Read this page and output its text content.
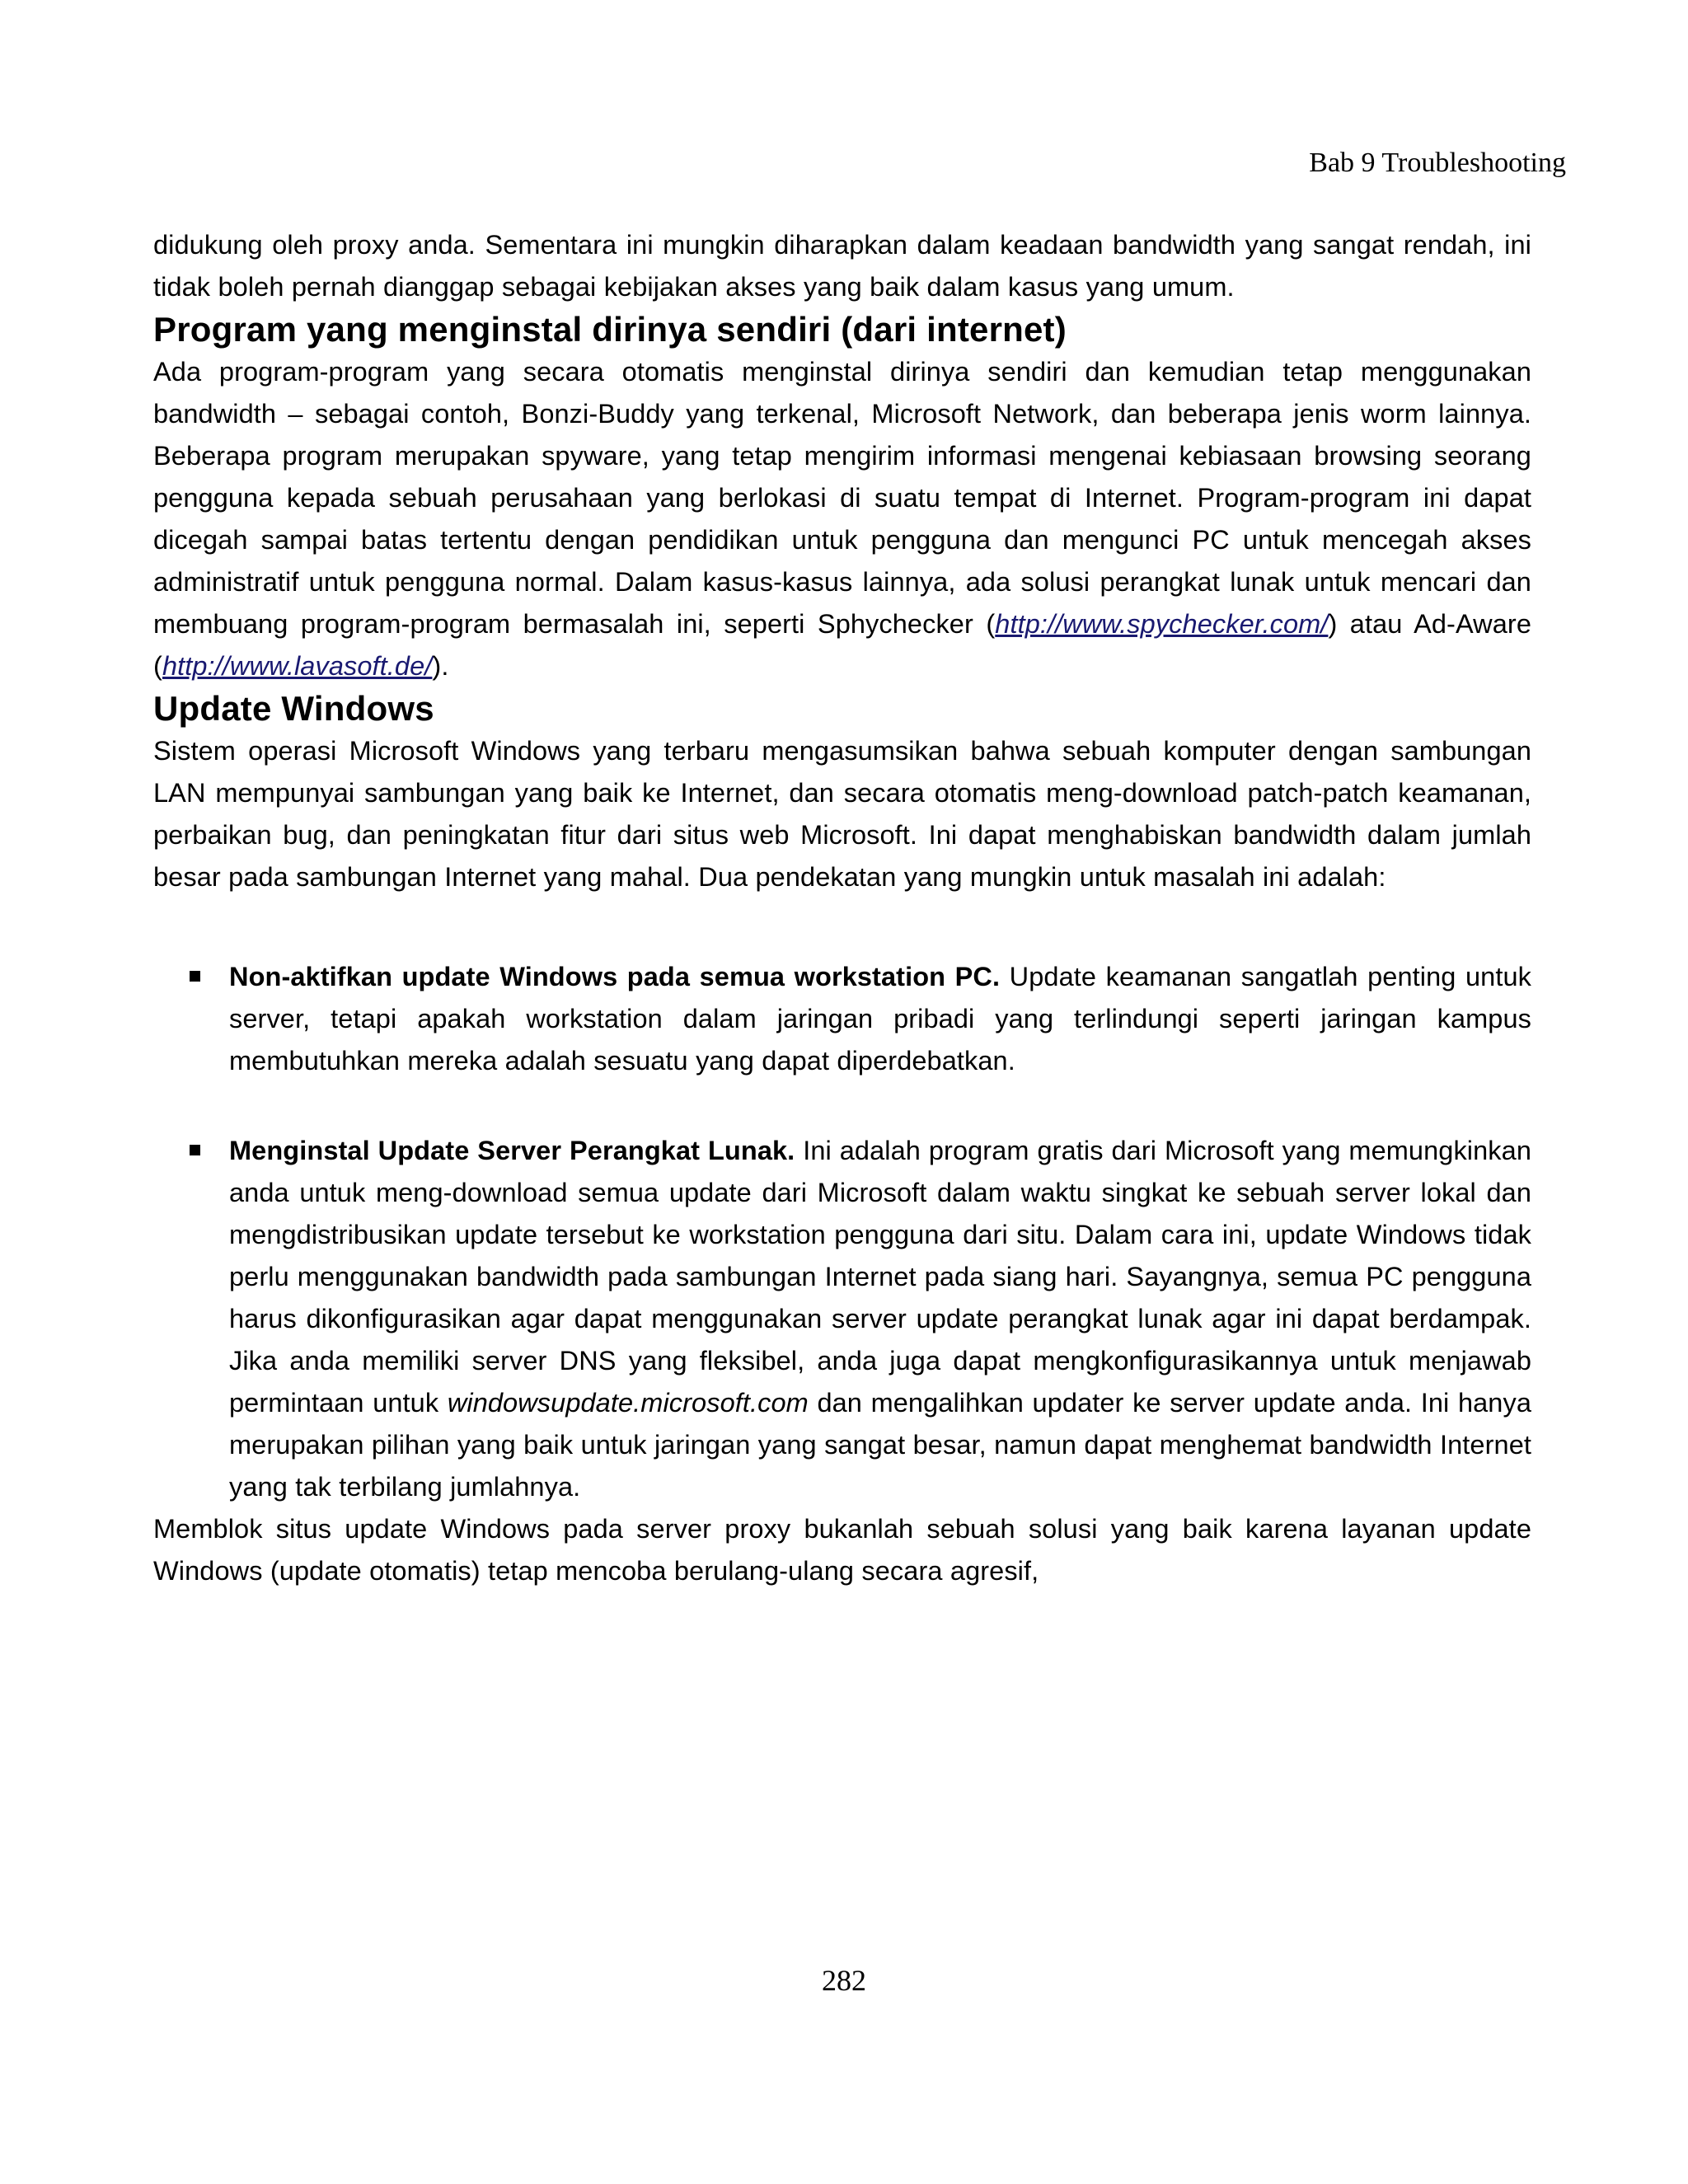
Bab 9 Troubleshooting

didukung oleh proxy anda. Sementara ini mungkin diharapkan dalam keadaan bandwidth yang sangat rendah, ini tidak boleh pernah dianggap sebagai kebijakan akses yang baik dalam kasus yang umum.

Program yang menginstal dirinya sendiri (dari internet)

Ada program-program yang secara otomatis menginstal dirinya sendiri dan kemudian tetap menggunakan bandwidth – sebagai contoh, Bonzi-Buddy yang terkenal, Microsoft Network, dan beberapa jenis worm lainnya. Beberapa program merupakan spyware, yang tetap mengirim informasi mengenai kebiasaan browsing seorang pengguna kepada sebuah perusahaan yang berlokasi di suatu tempat di Internet. Program-program ini dapat dicegah sampai batas tertentu dengan pendidikan untuk pengguna dan mengunci PC untuk mencegah akses administratif untuk pengguna normal. Dalam kasus-kasus lainnya, ada solusi perangkat lunak untuk mencari dan membuang program-program bermasalah ini, seperti Sphychecker (http://www.spychecker.com/) atau Ad-Aware (http://www.lavasoft.de/).

Update Windows

Sistem operasi Microsoft Windows yang terbaru mengasumsikan bahwa sebuah komputer dengan sambungan LAN mempunyai sambungan yang baik ke Internet, dan secara otomatis meng-download patch-patch keamanan, perbaikan bug, dan peningkatan fitur dari situs web Microsoft. Ini dapat menghabiskan bandwidth dalam jumlah besar pada sambungan Internet yang mahal. Dua pendekatan yang mungkin untuk masalah ini adalah:

Non-aktifkan update Windows pada semua workstation PC. Update keamanan sangatlah penting untuk server, tetapi apakah workstation dalam jaringan pribadi yang terlindungi seperti jaringan kampus membutuhkan mereka adalah sesuatu yang dapat diperdebatkan.

Menginstal Update Server Perangkat Lunak. Ini adalah program gratis dari Microsoft yang memungkinkan anda untuk meng-download semua update dari Microsoft dalam waktu singkat ke sebuah server lokal dan mengdistribusikan update tersebut ke workstation pengguna dari situ. Dalam cara ini, update Windows tidak perlu menggunakan bandwidth pada sambungan Internet pada siang hari. Sayangnya, semua PC pengguna harus dikonfigurasikan agar dapat menggunakan server update perangkat lunak agar ini dapat berdampak. Jika anda memiliki server DNS yang fleksibel, anda juga dapat mengkonfigurasikannya untuk menjawab permintaan untuk windowsupdate.microsoft.com dan mengalihkan updater ke server update anda. Ini hanya merupakan pilihan yang baik untuk jaringan yang sangat besar, namun dapat menghemat bandwidth Internet yang tak terbilang jumlahnya.

Memblok situs update Windows pada server proxy bukanlah sebuah solusi yang baik karena layanan update Windows (update otomatis) tetap mencoba berulang-ulang secara agresif,

282
